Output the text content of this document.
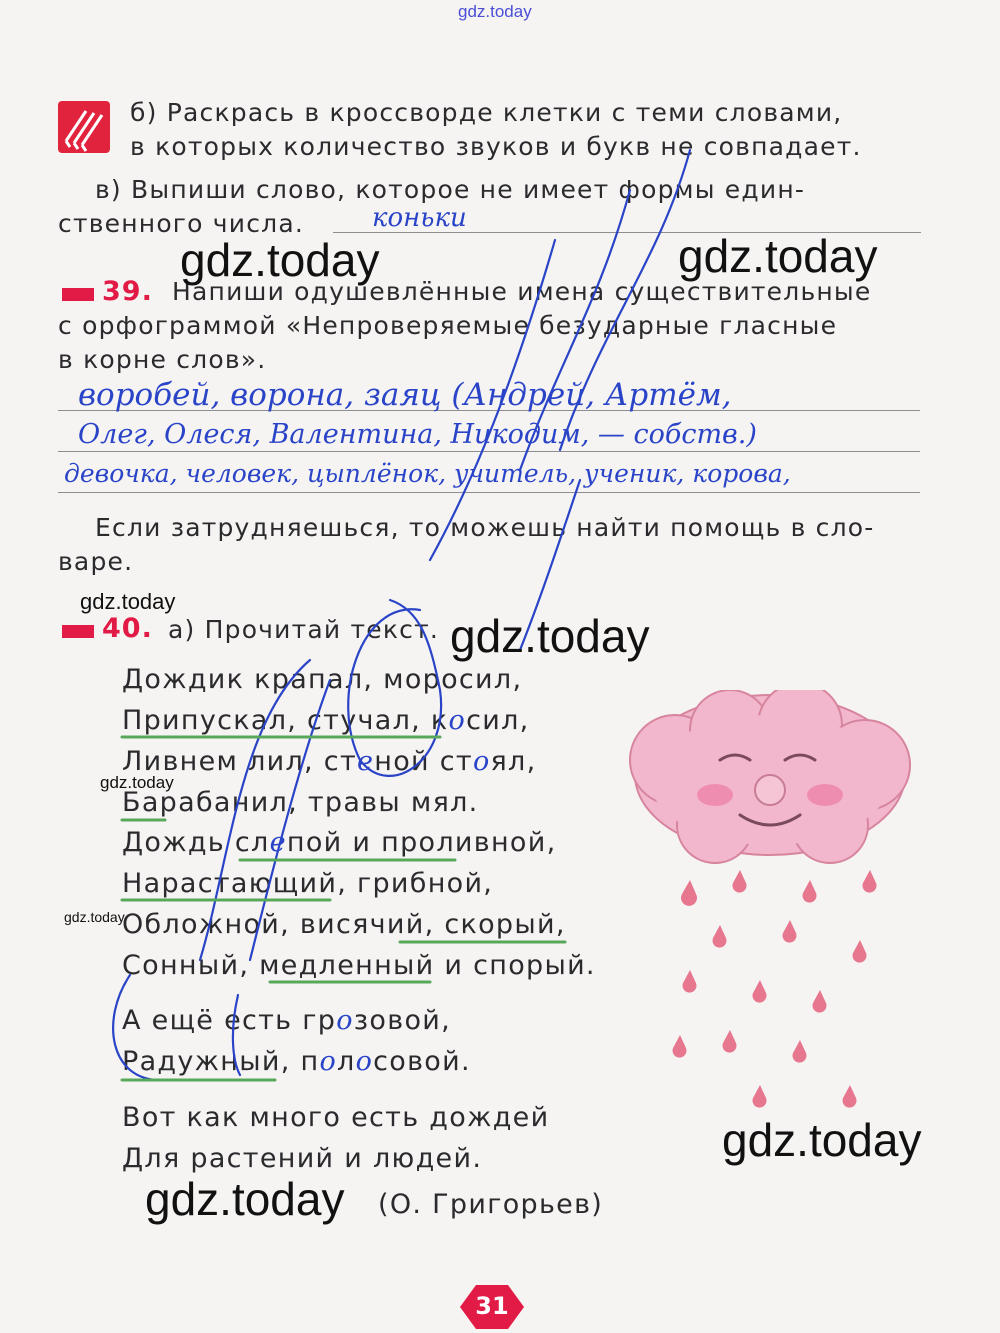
gdz.today
б) Раскрась в кроссворде клетки с теми словами,
в которых количество звуков и букв не совпадает.
в) Выпиши слово, которое не имеет формы един-
ственного числа.	коньки
39. Напиши одушевлённые имена существительные
с орфограммой «Непроверяемые безударные гласные
в корне слов».
воробей, ворона, заяц (Андрей, Артём,
Олег, Олеся, Валентина, Никодим, — собств.)
девочка, человек, цыплёнок, учитель, ученик, корова,
Если затрудняешься, то можешь найти помощь в сло-
варе.
40. а) Прочитай текст.
Дождик крапал, моросил,
Припускал, стучал, косил,
Ливнем лил, стеной стоял,
Барабанил, травы мял.
Дождь слепой и проливной,
Нарастающий, грибной,
Обложной, висячий, скорый,
Сонный, медленный и спорый.
А ещё есть грозовой,
Радужный, полосовой.
Вот как много есть дождей
Для растений и людей.
(О. Григорьев)
gdz.today	gdz.today
gdz.today
gdz.today
gdz.today
gdz.today
gdz.today
gdz.today
31
